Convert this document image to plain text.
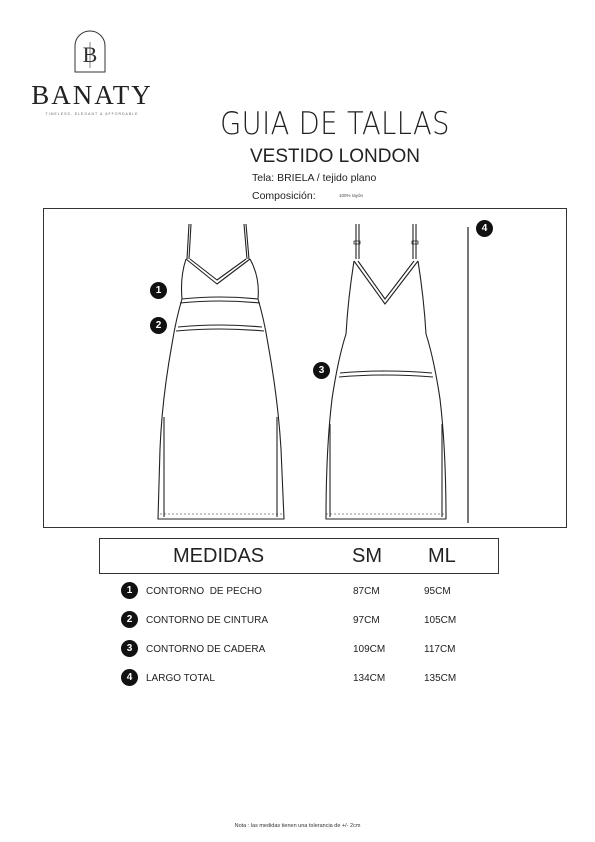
B
BANATY
TIMELESS, ELEGANT & AFFORDABLE	GUIA DE TALLAS
VESTIDO LONDON
Tela: BRIELA / tejido plano
Composición:	100% rayón
1
2
3
4
MEDIDAS	SM ML
1	CONTORNO  DE PECHO	87CM	95CM
2	CONTORNO DE CINTURA	97CM	105CM
3	CONTORNO DE CADERA	109CM	117CM
4	LARGO TOTAL	134CM	135CM
Nota : las medidas tienen una tolerancia de +/- 2cm
